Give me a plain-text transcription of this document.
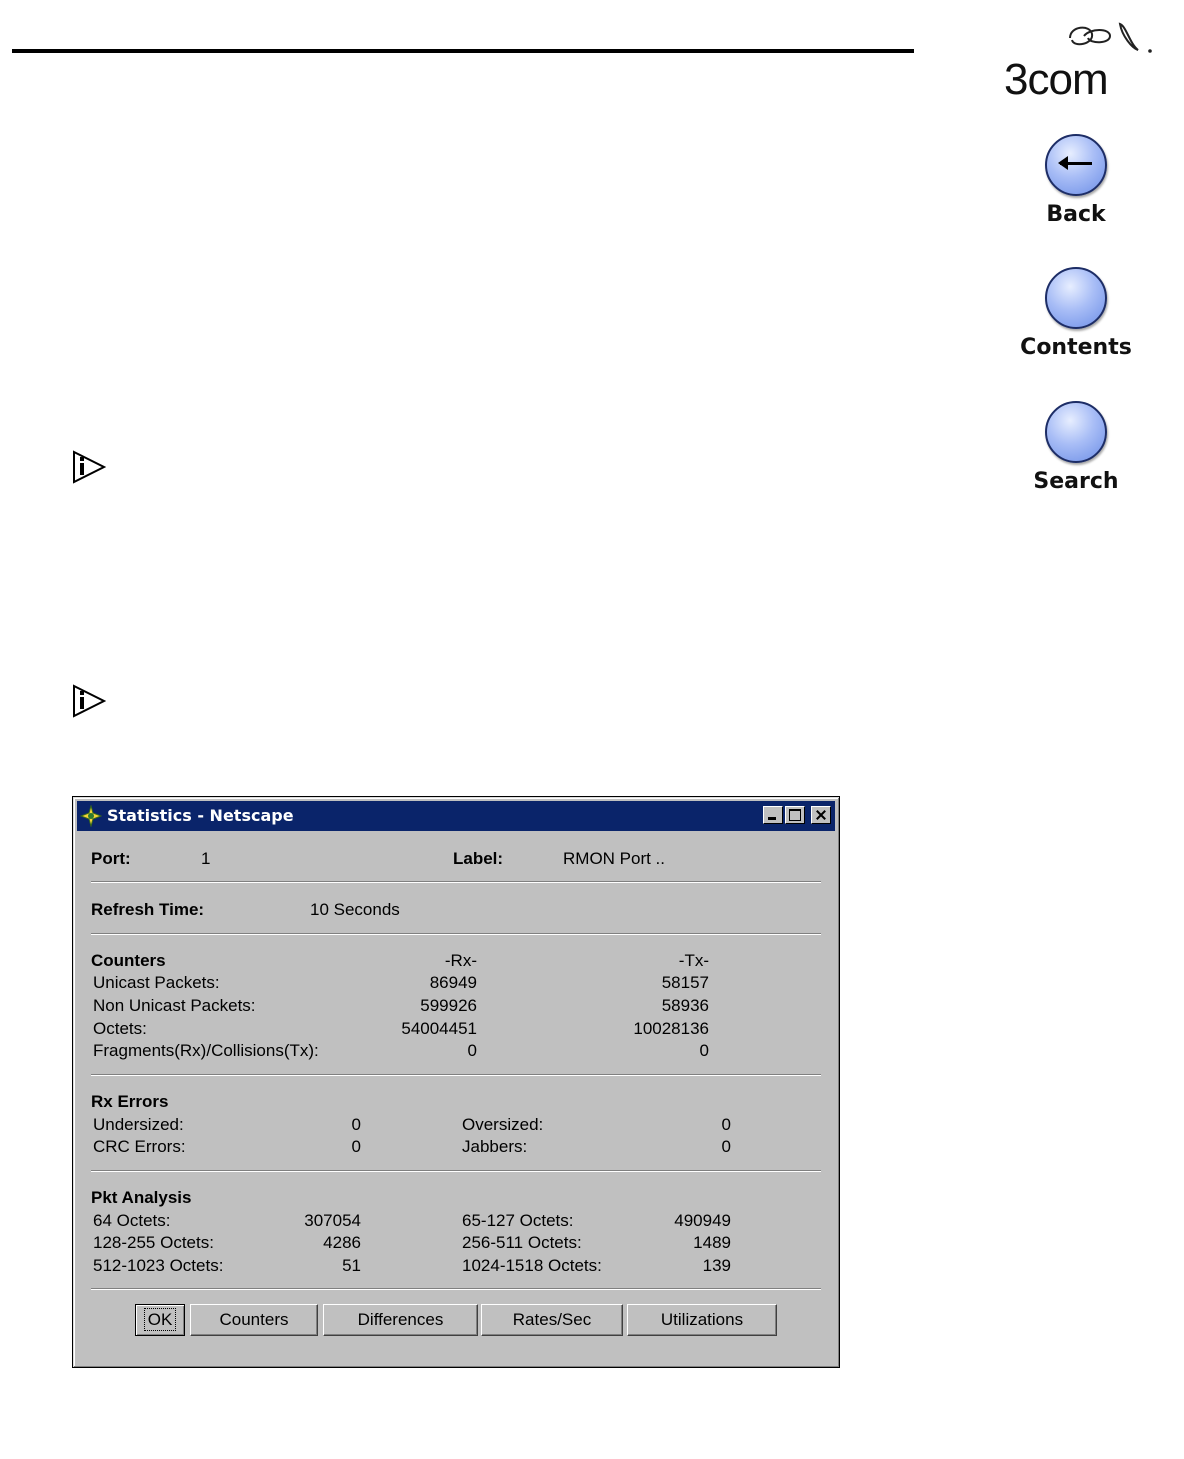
3com
Back
Contents
Search
Statistics - Netscape
Port:	1	Label:	RMON Port ..
Refresh Time:	10 Seconds
Counters	-Rx-	-Tx-
Unicast Packets:	86949	58157
Non Unicast Packets:	599926	58936
Octets:	54004451	10028136
Fragments(Rx)/Collisions(Tx):	0	0
Rx Errors
Undersized:	0	Oversized:	0
CRC Errors:	0	Jabbers:	0
Pkt Analysis
64 Octets:	307054	65-127 Octets:	490949
128-255 Octets:	4286	256-511 Octets:	1489
512-1023 Octets:	51	1024-1518 Octets:	139
OK	Counters	Differences	Rates/Sec	Utilizations
